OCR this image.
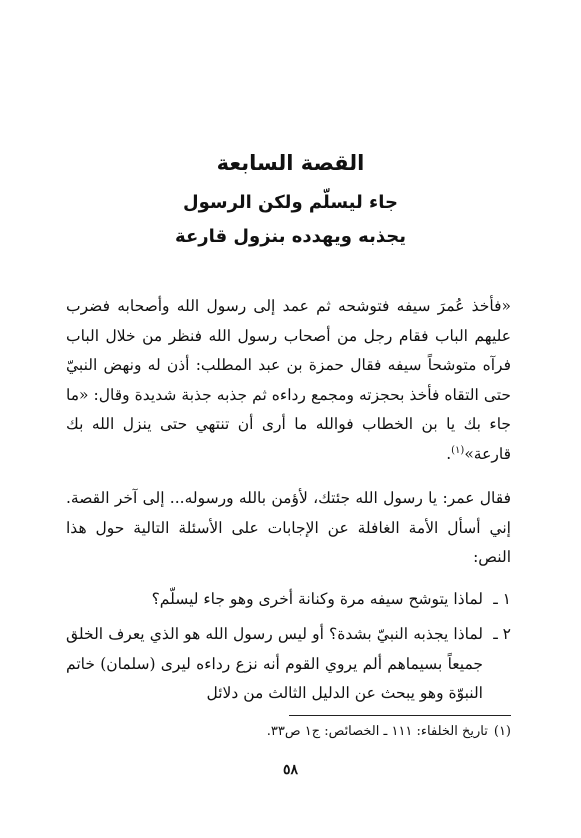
القصة السابعة
جاء ليسلّم ولكن الرسول
يجذبه ويهدده بنزول قارعة

«فأخذ عُمرَ سيفه فتوشحه ثم عمد إلى رسول الله وأصحابه فضرب عليهم الباب فقام رجل من أصحاب رسول الله فنظر من خلال الباب فرآه متوشحاً سيفه فقال حمزة بن عبد المطلب: أذن له ونهض النبيّ حتى التقاه فأخذ بحجزته ومجمع رداءه ثم جذبه جذبة شديدة وقال: «ما جاء بك يا بن الخطاب فوالله ما أرى أن تنتهي حتى ينزل الله بك قارعة»$^{(١)}$.

فقال عمر: يا رسول الله جئتك، لأؤمن بالله ورسوله... إلى آخر القصة. إني أسأل الأمة الغافلة عن الإجابات على الأسئلة التالية حول هذا النص:

١ ـ
لماذا يتوشح سيفه مرة وكنانة أخرى وهو جاء ليسلّم؟
٢ ـ
لماذا يجذبه النبيّ بشدة؟ أو ليس رسول الله هو الذي يعرف الخلق جميعاً بسيماهم ألم يروي القوم أنه نزع رداءه ليرى (سلمان) خاتم النبوّة وهو يبحث عن الدليل الثالث من دلائل
(١)تاريخ الخلفاء: ١١١ ـ الخصائص: ج١ ص٣٣.
٥٨
